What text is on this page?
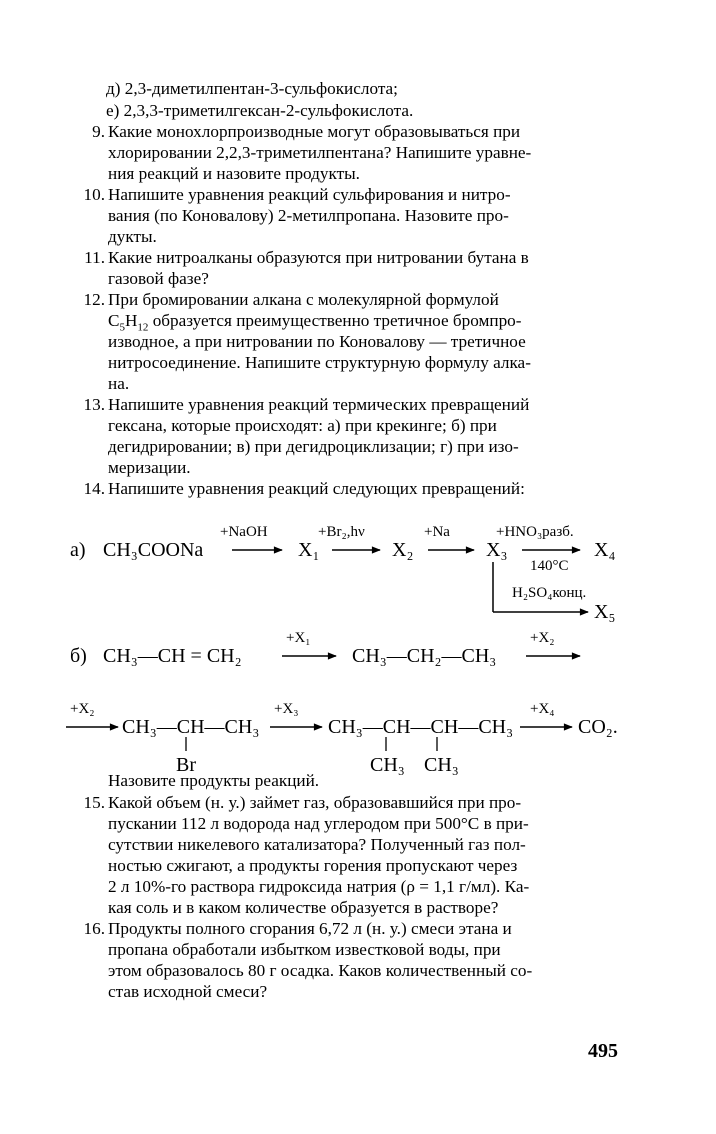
д) 2,3-диметилпентан-3-сульфокислота;
е) 2,3,3-триметилгексан-2-сульфокислота.
9. Какие монохлорпроизводные могут образовываться при
хлорировании 2,2,3-триметилпентана? Напишите уравне-
ния реакций и назовите продукты.
10. Напишите уравнения реакций сульфирования и нитро-
вания (по Коновалову) 2-метилпропана. Назовите про-
дукты.
11. Какие нитроалканы образуются при нитровании бутана в
газовой фазе?
12. При бромировании алкана с молекулярной формулой
$C_5H_{12}$ образуется преимущественно третичное бромпро-
изводное, а при нитровании по Коновалову — третичное
нитросоединение. Напишите структурную формулу алка-
на.
13. Напишите уравнения реакций термических превращений
гексана, которые происходят: а) при крекинге; б) при
дегидрировании; в) при дегидроциклизации; г) при изо-
меризации.
14. Напишите уравнения реакций следующих превращений:
а) CH₃COONa
+NaOH
X₁
+Br₂,hν
X₂
+Na
X₃
+HNO₃разб.
140°C
X₄
H₂SO₄конц.
X₅
б) CH₃—CH = CH₂
+X₁
CH₃—CH₂—CH₃
+X₂
+X₂
CH₃—CH—CH₃
Br
+X₃
CH₃—CH—CH—CH₃
CH₃ CH₃
+X₄
CO₂.
Назовите продукты реакций.
15. Какой объем (н. у.) займет газ, образовавшийся при про-
пускании 112 л водорода над углеродом при 500°С в при-
сутствии никелевого катализатора? Полученный газ пол-
ностью сжигают, а продукты горения пропускают через
2 л 10%-го раствора гидроксида натрия (ρ = 1,1 г/мл). Ка-
кая соль и в каком количестве образуется в растворе?
16. Продукты полного сгорания 6,72 л (н. у.) смеси этана и
пропана обработали избытком известковой воды, при
этом образовалось 80 г осадка. Каков количественный со-
став исходной смеси?
495
